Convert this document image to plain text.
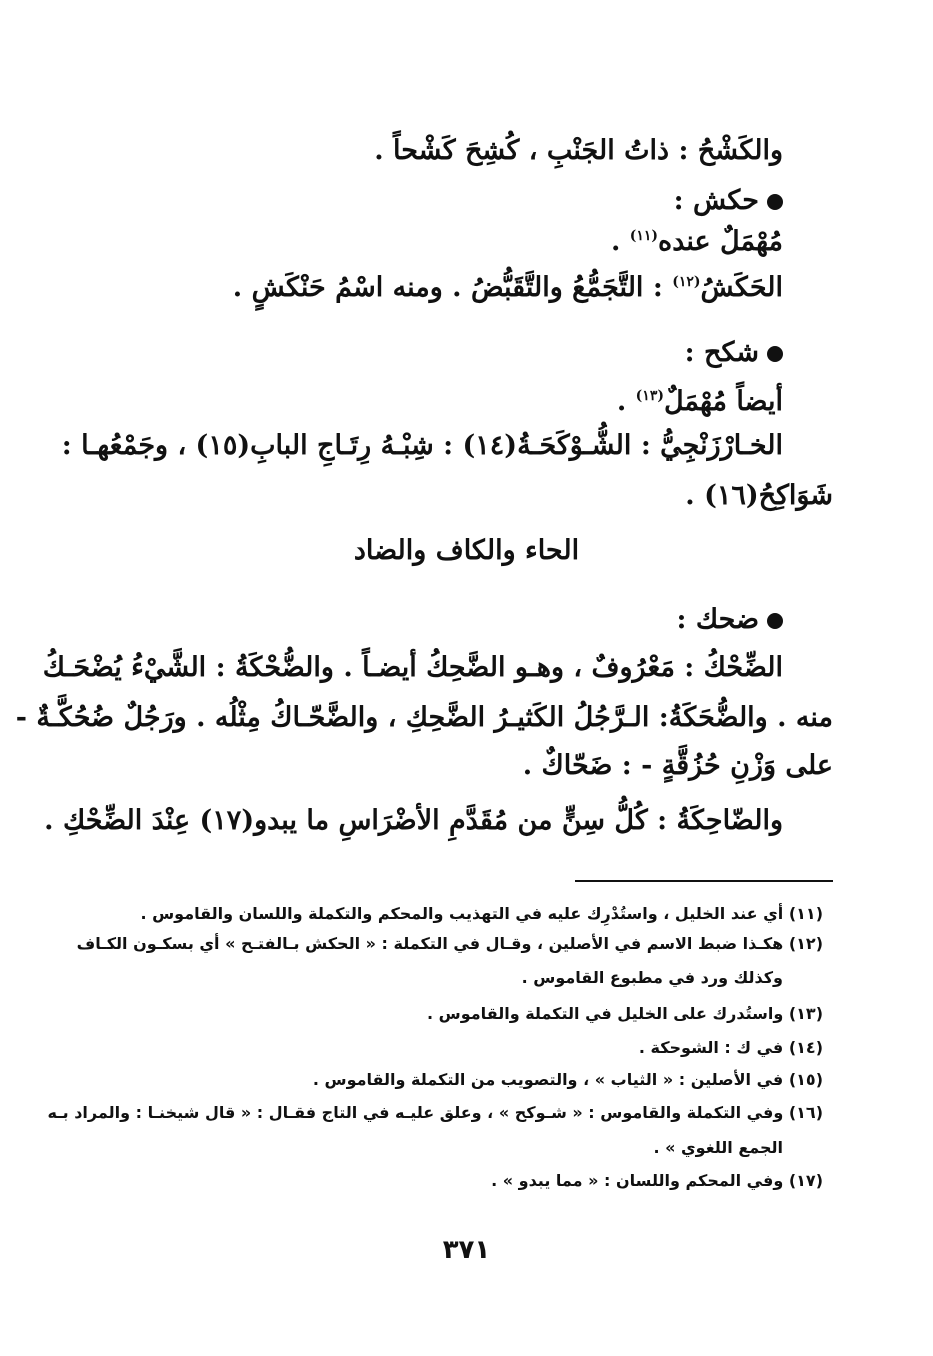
والكَشْحُ : ذاتُ الجَنْبِ ، كُشِحَ كَشْحاً .
حكش :
مُهْمَلٌ عنده$^{(١١)}$ .
الحَكَشُ$^{(١٢)}$ : التَّجَمُّعُ والتَّقَبُّضُ . ومنه اسْمُ حَنْكَشٍ .
شكح :
أيضاً مُهْمَلٌ$^{(١٣)}$ .
الخـارْزَنْجِيُّ : الشُّـوْكَحَـةُ(١٤) : شِبْـهُ رِتَـاجِ البابِ(١٥) ، وجَمْعُهـا :
شَوَاكِحُ(١٦) .
الحاء والكاف والضاد
ضحك :
الضِّحْكُ : مَعْرُوفٌ ، وهـو الضَّحِكُ أيضـاً . والضُّحْكَةُ : الشَّيْءُ يُضْحَـكُ
منه . والضُّحَكَةُ: الـرَّجُلُ الكَثيـرُ الضَّحِكِ ، والضَّحّـاكُ مِثْلُه . ورَجُلٌ ضُحُكَّـةٌ -
على وَزْنِ حُزُقَّةٍ - : ضَحّاكٌ .
والضّاحِكَةُ : كُلُّ سِنٍّ من مُقَدَّمِ الأضْرَاسِ ما يبدو(١٧) عِنْدَ الضِّحْكِ .
(١١) أي عند الخليل ، واستُدْرِك عليه في التهذيب والمحكم والتكملة واللسان والقاموس .
(١٢) هكـذا ضبط الاسم في الأصلين ، وقـال في التكملة : « الحكش بـالفتـح » أي بسكـون الكـاف
وكذلك ورد في مطبوع القاموس .
(١٣) واستُدرك على الخليل في التكملة والقاموس .
(١٤) في ك : الشوحكة .
(١٥) في الأصلين : « الثياب » ، والتصويب من التكملة والقاموس .
(١٦) وفي التكملة والقاموس : « شـوكح » ، وعلق عليـه في التاج فقـال : « قال شيخنـا : والمراد بـه
الجمع اللغوي » .
(١٧) وفي المحكم واللسان : « مما يبدو » .
٣٧١
